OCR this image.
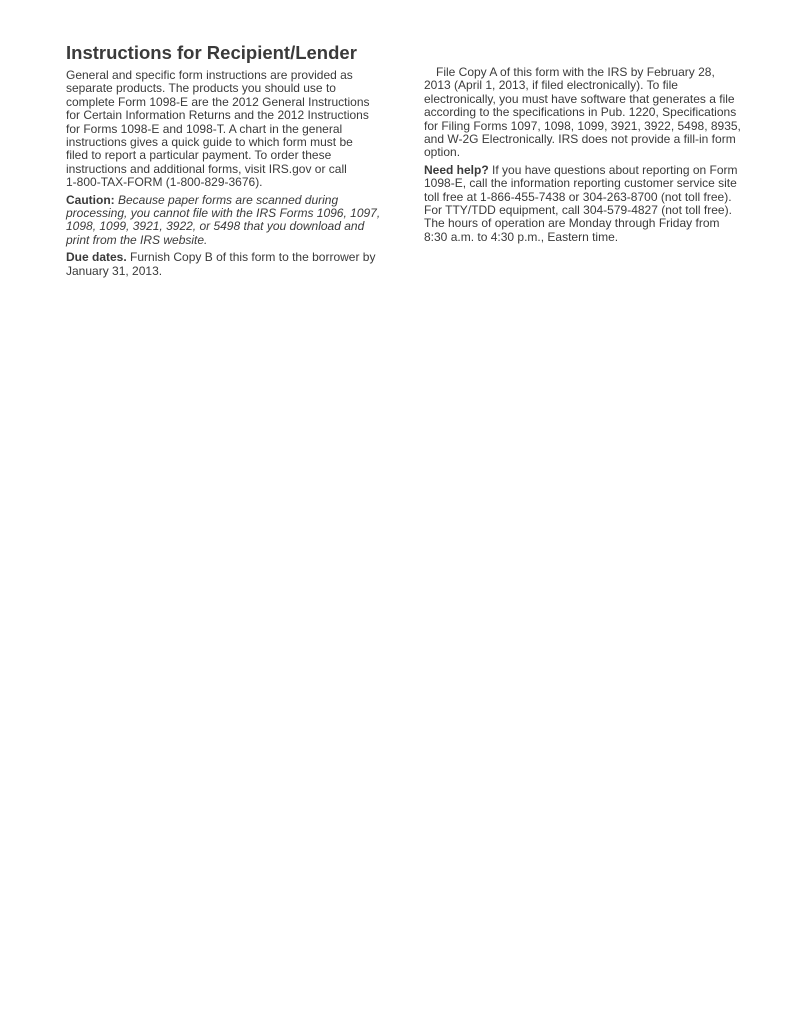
Instructions for Recipient/Lender

General and specific form instructions are provided as
separate products. The products you should use to
complete Form 1098-E are the 2012 General Instructions
for Certain Information Returns and the 2012 Instructions
for Forms 1098-E and 1098-T. A chart in the general
instructions gives a quick guide to which form must be
filed to report a particular payment. To order these
instructions and additional forms, visit IRS.gov or call
1-800-TAX-FORM (1-800-829-3676).

Caution: Because paper forms are scanned during
processing, you cannot file with the IRS Forms 1096, 1097,
1098, 1099, 3921, 3922, or 5498 that you download and
print from the IRS website.

Due dates. Furnish Copy B of this form to the borrower by
January 31, 2013.

File Copy A of this form with the IRS by February 28,
2013 (April 1, 2013, if filed electronically). To file
electronically, you must have software that generates a file
according to the specifications in Pub. 1220, Specifications
for Filing Forms 1097, 1098, 1099, 3921, 3922, 5498, 8935,
and W-2G Electronically. IRS does not provide a fill-in form
option.

Need help? If you have questions about reporting on Form
1098-E, call the information reporting customer service site
toll free at 1-866-455-7438 or 304-263-8700 (not toll free).
For TTY/TDD equipment, call 304-579-4827 (not toll free).
The hours of operation are Monday through Friday from
8:30 a.m. to 4:30 p.m., Eastern time.
